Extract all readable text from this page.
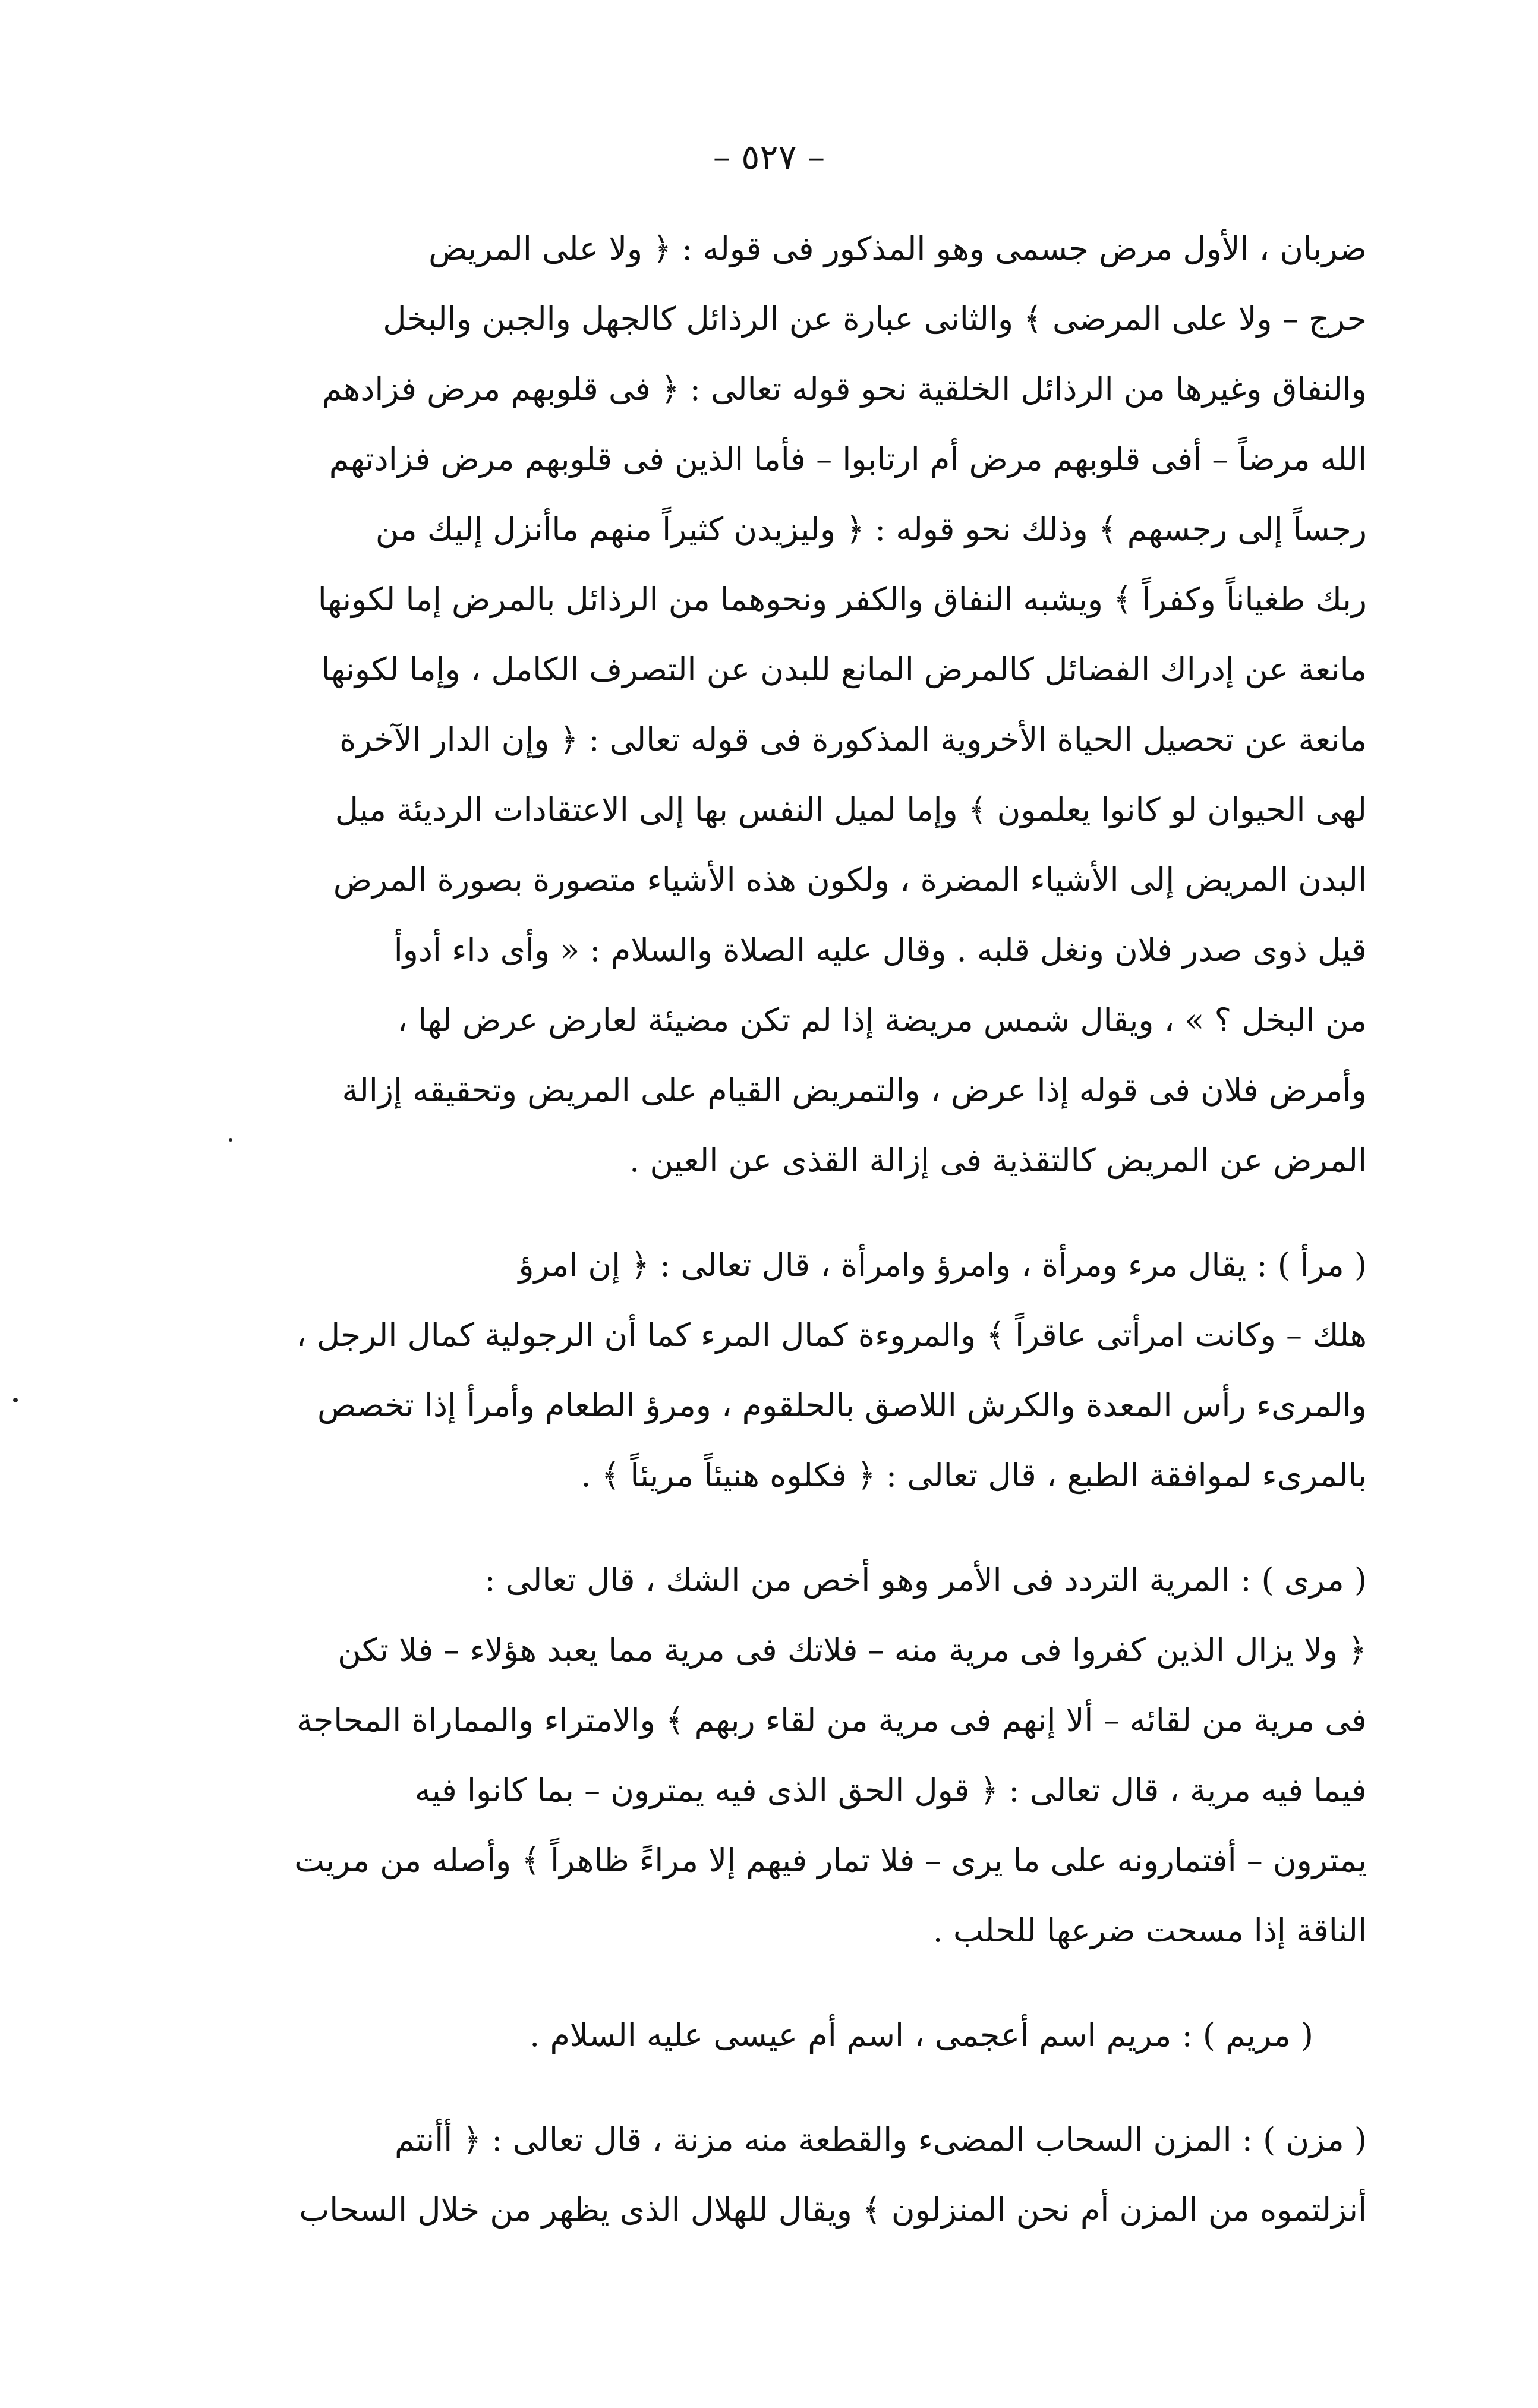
– ٥٢٧ –

ضربان ، الأول مرض جسمى وهو المذكور فى قوله : ﴿ ولا على المريض
حرج – ولا على المرضى ﴾ والثانى عبارة عن الرذائل كالجهل والجبن والبخل
والنفاق وغيرها من الرذائل الخلقية نحو قوله تعالى : ﴿ فى قلوبهم مرض فزادهم
الله مرضاً – أفى قلوبهم مرض أم ارتابوا – فأما الذين فى قلوبهم مرض فزادتهم
رجساً إلى رجسهم ﴾ وذلك نحو قوله : ﴿ وليزيدن كثيراً منهم ماأنزل إليك من
ربك طغياناً وكفراً ﴾ ويشبه النفاق والكفر ونحوهما من الرذائل بالمرض إما لكونها
مانعة عن إدراك الفضائل كالمرض المانع للبدن عن التصرف الكامل ، وإما لكونها
مانعة عن تحصيل الحياة الأخروية المذكورة فى قوله تعالى : ﴿ وإن الدار الآخرة
لهى الحيوان لو كانوا يعلمون ﴾ وإما لميل النفس بها إلى الاعتقادات الرديئة ميل
البدن المريض إلى الأشياء المضرة ، ولكون هذه الأشياء متصورة بصورة المرض
قيل ذوى صدر فلان ونغل قلبه . وقال عليه الصلاة والسلام : « وأى داء أدوأ
من البخل ؟ » ، ويقال شمس مريضة إذا لم تكن مضيئة لعارض عرض لها ،
وأمرض فلان فى قوله إذا عرض ، والتمريض القيام على المريض وتحقيقه إزالة
المرض عن المريض كالتقذية فى إزالة القذى عن العين .

( مرأ ) : يقال مرء ومرأة ، وامرؤ وامرأة ، قال تعالى : ﴿ إن امرؤ
هلك – وكانت امرأتى عاقراً ﴾ والمروءة كمال المرء كما أن الرجولية كمال الرجل ،
والمرىء رأس المعدة والكرش اللاصق بالحلقوم ، ومرؤ الطعام وأمرأ إذا تخصص
بالمرىء لموافقة الطبع ، قال تعالى : ﴿ فكلوه هنيئاً مريئاً ﴾ .

( مرى ) : المرية التردد فى الأمر وهو أخص من الشك ، قال تعالى :
﴿ ولا يزال الذين كفروا فى مرية منه – فلاتك فى مرية مما يعبد هؤلاء – فلا تكن
فى مرية من لقائه – ألا إنهم فى مرية من لقاء ربهم ﴾ والامتراء والمماراة المحاجة
فيما فيه مرية ، قال تعالى : ﴿ قول الحق الذى فيه يمترون – بما كانوا فيه
يمترون – أفتمارونه على ما يرى – فلا تمار فيهم إلا مراءً ظاهراً ﴾ وأصله من مريت
الناقة إذا مسحت ضرعها للحلب .

( مريم ) : مريم اسم أعجمى ، اسم أم عيسى عليه السلام .

( مزن ) : المزن السحاب المضىء والقطعة منه مزنة ، قال تعالى : ﴿ أأنتم
أنزلتموه من المزن أم نحن المنزلون ﴾ ويقال للهلال الذى يظهر من خلال السحاب
